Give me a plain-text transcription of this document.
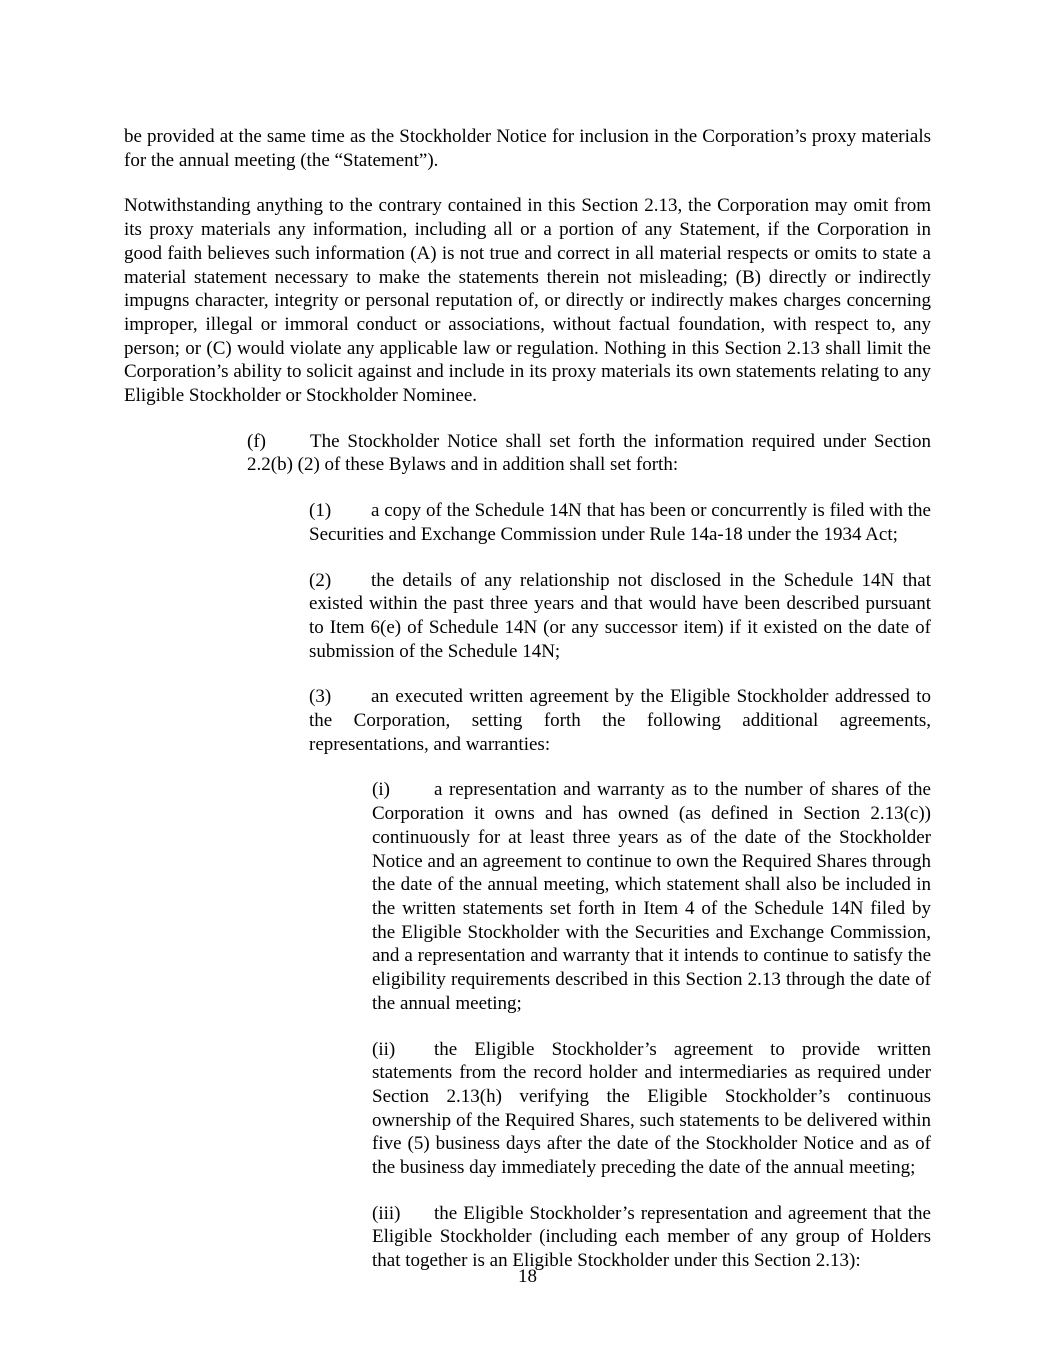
be provided at the same time as the Stockholder Notice for inclusion in the Corporation’s proxy materials for the annual meeting (the “Statement”).

Notwithstanding anything to the contrary contained in this Section 2.13, the Corporation may omit from its proxy materials any information, including all or a portion of any Statement, if the Corporation in good faith believes such information (A) is not true and correct in all material respects or omits to state a material statement necessary to make the statements therein not misleading; (B) directly or indirectly impugns character, integrity or personal reputation of, or directly or indirectly makes charges concerning improper, illegal or immoral conduct or associations, without factual foundation, with respect to, any person; or (C) would violate any applicable law or regulation. Nothing in this Section 2.13 shall limit the Corporation’s ability to solicit against and include in its proxy materials its own statements relating to any Eligible Stockholder or Stockholder Nominee.

(f) The Stockholder Notice shall set forth the information required under Section 2.2(b) (2) of these Bylaws and in addition shall set forth:

(1) a copy of the Schedule 14N that has been or concurrently is filed with the Securities and Exchange Commission under Rule 14a-18 under the 1934 Act;

(2) the details of any relationship not disclosed in the Schedule 14N that existed within the past three years and that would have been described pursuant to Item 6(e) of Schedule 14N (or any successor item) if it existed on the date of submission of the Schedule 14N;

(3) an executed written agreement by the Eligible Stockholder addressed to the Corporation, setting forth the following additional agreements, representations, and warranties:

(i) a representation and warranty as to the number of shares of the Corporation it owns and has owned (as defined in Section 2.13(c)) continuously for at least three years as of the date of the Stockholder Notice and an agreement to continue to own the Required Shares through the date of the annual meeting, which statement shall also be included in the written statements set forth in Item 4 of the Schedule 14N filed by the Eligible Stockholder with the Securities and Exchange Commission, and a representation and warranty that it intends to continue to satisfy the eligibility requirements described in this Section 2.13 through the date of the annual meeting;

(ii) the Eligible Stockholder’s agreement to provide written statements from the record holder and intermediaries as required under Section 2.13(h) verifying the Eligible Stockholder’s continuous ownership of the Required Shares, such statements to be delivered within five (5) business days after the date of the Stockholder Notice and as of the business day immediately preceding the date of the annual meeting;

(iii) the Eligible Stockholder’s representation and agreement that the Eligible Stockholder (including each member of any group of Holders that together is an Eligible Stockholder under this Section 2.13):

18
